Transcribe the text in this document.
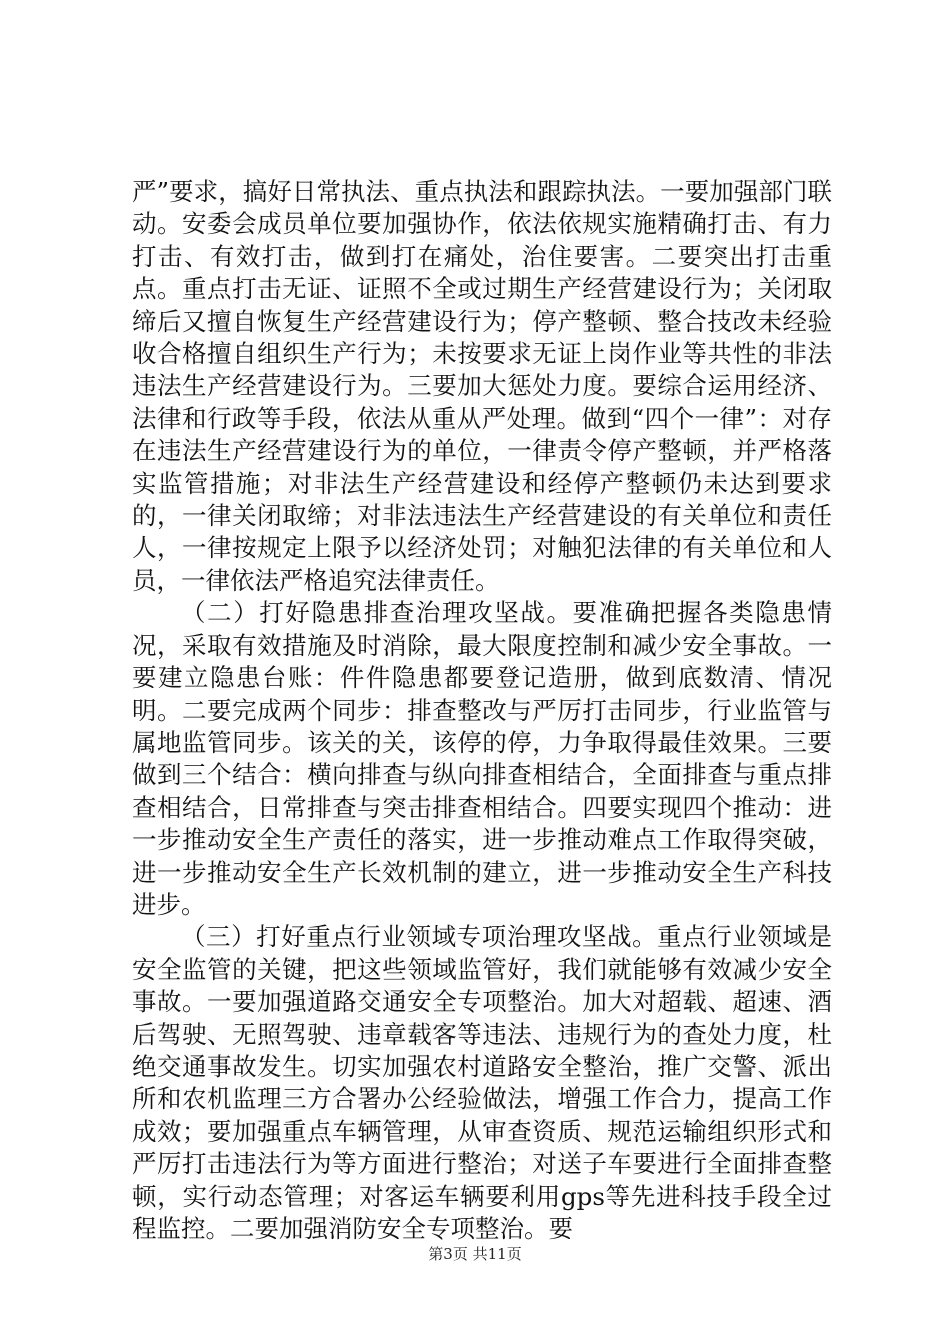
严”要求，搞好日常执法、重点执法和跟踪执法。一要加强部门联动。安委会成员单位要加强协作，依法依规实施精确打击、有力打击、有效打击，做到打在痛处，治住要害。二要突出打击重点。重点打击无证、证照不全或过期生产经营建设行为；关闭取缔后又擅自恢复生产经营建设行为；停产整顿、整合技改未经验收合格擅自组织生产行为；未按要求无证上岗作业等共性的非法违法生产经营建设行为。三要加大惩处力度。要综合运用经济、法律和行政等手段，依法从重从严处理。做到“四个一律”：对存在违法生产经营建设行为的单位，一律责令停产整顿，并严格落实监管措施；对非法生产经营建设和经停产整顿仍未达到要求的，一律关闭取缔；对非法违法生产经营建设的有关单位和责任人，一律按规定上限予以经济处罚；对触犯法律的有关单位和人员，一律依法严格追究法律责任。

（二）打好隐患排查治理攻坚战。要准确把握各类隐患情况，采取有效措施及时消除，最大限度控制和减少安全事故。一要建立隐患台账：件件隐患都要登记造册，做到底数清、情况明。二要完成两个同步：排查整改与严厉打击同步，行业监管与属地监管同步。该关的关，该停的停，力争取得最佳效果。三要做到三个结合：横向排查与纵向排查相结合，全面排查与重点排查相结合，日常排查与突击排查相结合。四要实现四个推动：进一步推动安全生产责任的落实，进一步推动难点工作取得突破，进一步推动安全生产长效机制的建立，进一步推动安全生产科技进步。

（三）打好重点行业领域专项治理攻坚战。重点行业领域是安全监管的关键，把这些领域监管好，我们就能够有效减少安全事故。一要加强道路交通安全专项整治。加大对超载、超速、酒后驾驶、无照驾驶、违章载客等违法、违规行为的查处力度，杜绝交通事故发生。切实加强农村道路安全整治，推广交警、派出所和农机监理三方合署办公经验做法，增强工作合力，提高工作成效；要加强重点车辆管理，从审查资质、规范运输组织形式和严厉打击违法行为等方面进行整治；对送子车要进行全面排查整顿，实行动态管理；对客运车辆要利用gps等先进科技手段全过程监控。二要加强消防安全专项整治。要

第3页 共11页
